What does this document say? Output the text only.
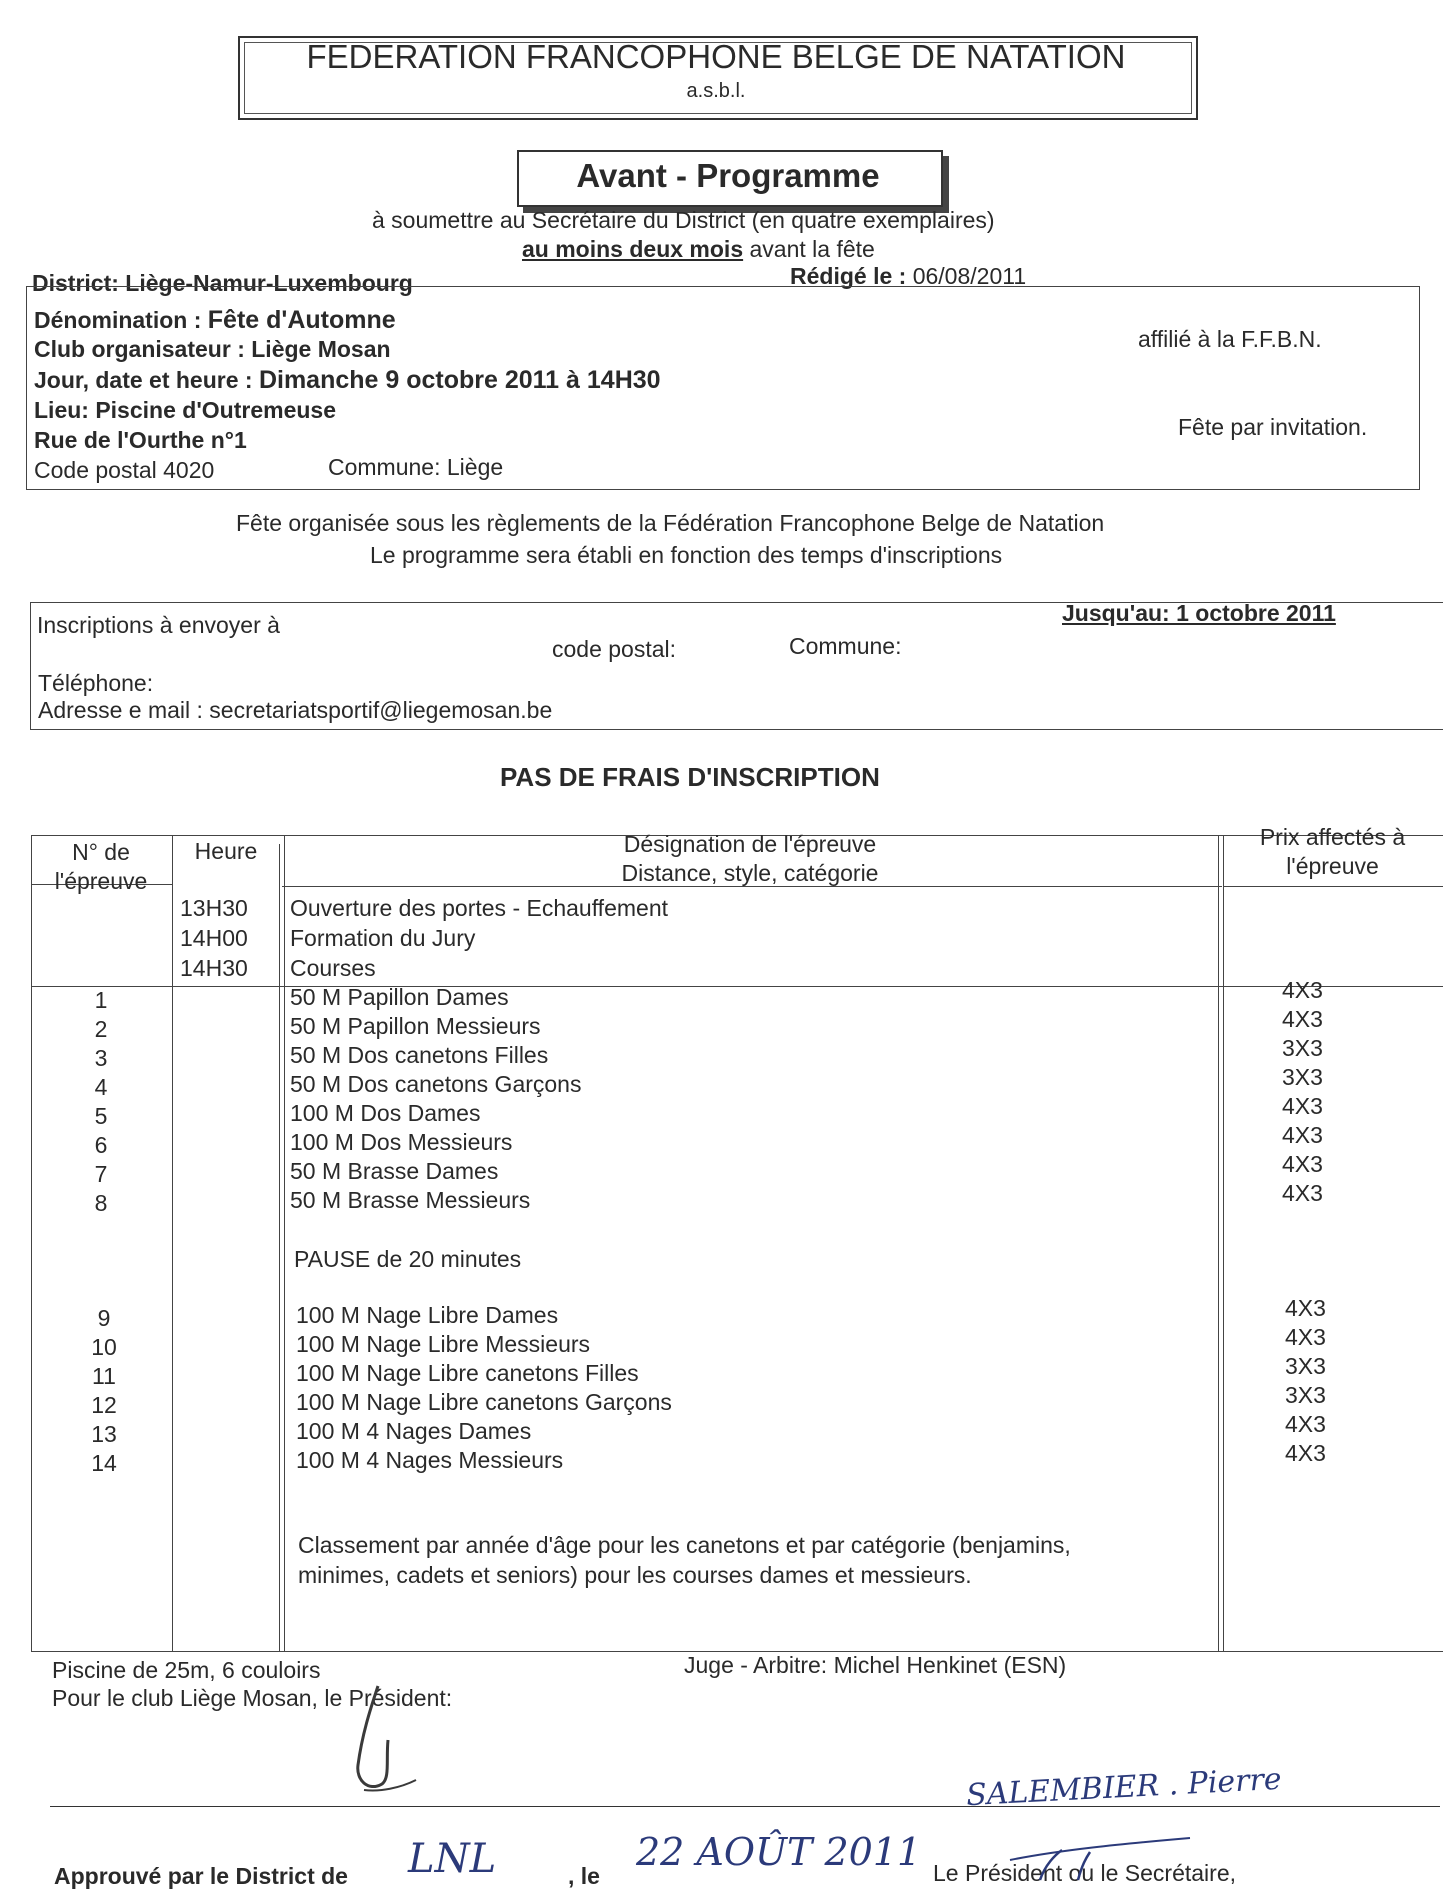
FEDERATION FRANCOPHONE BELGE DE NATATION
a.s.b.l.
Avant - Programme
à soumettre au Secrétaire du District (en quatre exemplaires)
au moins deux mois avant la fête
District: Liège-Namur-Luxembourg	Rédigé le : 06/08/2011
Dénomination : Fête d'Automne
Club organisateur : Liège Mosan	affilié à la F.F.B.N.
Jour, date et heure : Dimanche 9 octobre 2011 à 14H30
Lieu: Piscine d'Outremeuse
Rue de l'Ourthe n°1	Fête par invitation.
Code postal 4020	Commune: Liège
Fête organisée sous les règlements de la Fédération Francophone Belge de Natation
Le programme sera établi en fonction des temps d'inscriptions
Inscriptions à envoyer à	Jusqu'au: 1 octobre 2011
code postal:	Commune:
Téléphone:
Adresse e mail : secretariatsportif@liegemosan.be
PAS DE FRAIS D'INSCRIPTION
N° de
l'épreuve
Heure	Désignation de l'épreuve
Distance, style, catégorie
Prix affectés à
l'épreuve
13H30 Ouverture des portes - Echauffement
14H00 Formation du Jury
14H30 Courses
1	50 M Papillon Dames	4X3
2	50 M Papillon Messieurs	4X3
3	50 M Dos canetons Filles	3X3
4	50 M Dos canetons Garçons	3X3
5	100 M Dos Dames	4X3
6	100 M Dos Messieurs	4X3
7	50 M Brasse Dames	4X3
8	50 M Brasse Messieurs	4X3
PAUSE de 20 minutes
9	100 M Nage Libre Dames	4X3
10	100 M Nage Libre Messieurs	4X3
11	100 M Nage Libre canetons Filles	3X3
12	100 M Nage Libre canetons Garçons	3X3
13	100 M 4 Nages Dames	4X3
14	100 M 4 Nages Messieurs	4X3
Classement par année d'âge pour les canetons et par catégorie (benjamins,
minimes, cadets et seniors) pour les courses dames et messieurs.
Piscine de 25m, 6 couloirs	Juge - Arbitre: Michel Henkinet (ESN)
Pour le club Liège Mosan, le Président:
Approuvé par le District de LNL	, le
22 AOÛT 2011 Le Président ou le Secrétaire,
SALEMBIER . Pierre
